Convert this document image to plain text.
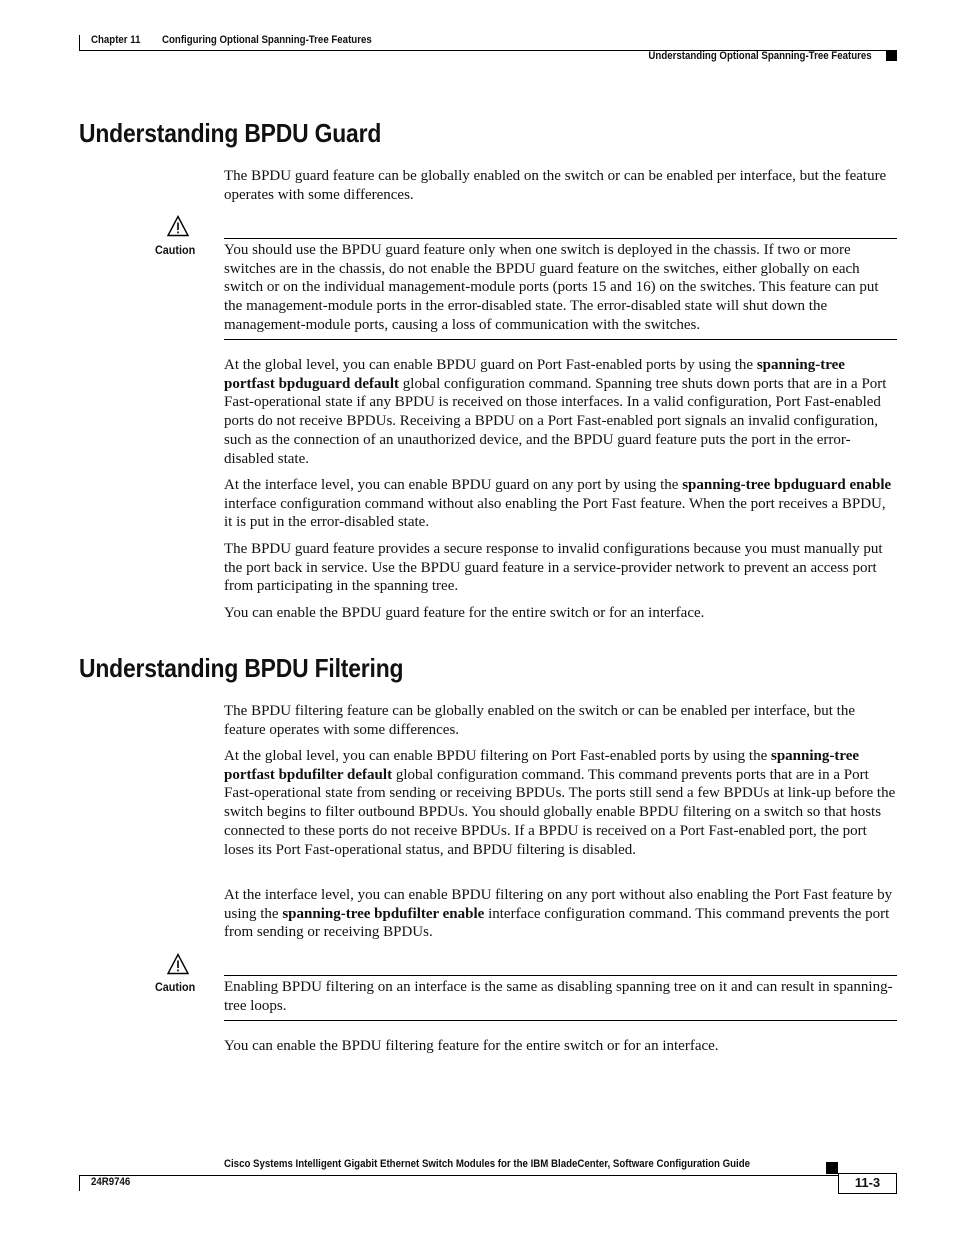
Chapter 11 Configuring Optional Spanning-Tree Features
Understanding Optional Spanning-Tree Features
Understanding BPDU Guard

The BPDU guard feature can be globally enabled on the switch or can be enabled per interface, but the feature operates with some differences.

Caution You should use the BPDU guard feature only when one switch is deployed in the chassis. If two or more switches are in the chassis, do not enable the BPDU guard feature on the switches, either globally on each switch or on the individual management-module ports (ports 15 and 16) on the switches. This feature can put the management-module ports in the error-disabled state. The error-disabled state will shut down the management-module ports, causing a loss of communication with the switches.

At the global level, you can enable BPDU guard on Port Fast-enabled ports by using the spanning-tree portfast bpduguard default global configuration command. Spanning tree shuts down ports that are in a Port Fast-operational state if any BPDU is received on those interfaces. In a valid configuration, Port Fast-enabled ports do not receive BPDUs. Receiving a BPDU on a Port Fast-enabled port signals an invalid configuration, such as the connection of an unauthorized device, and the BPDU guard feature puts the port in the error-disabled state.

At the interface level, you can enable BPDU guard on any port by using the spanning-tree bpduguard enable interface configuration command without also enabling the Port Fast feature. When the port receives a BPDU, it is put in the error-disabled state.

The BPDU guard feature provides a secure response to invalid configurations because you must manually put the port back in service. Use the BPDU guard feature in a service-provider network to prevent an access port from participating in the spanning tree.

You can enable the BPDU guard feature for the entire switch or for an interface.

Understanding BPDU Filtering

The BPDU filtering feature can be globally enabled on the switch or can be enabled per interface, but the feature operates with some differences.

At the global level, you can enable BPDU filtering on Port Fast-enabled ports by using the spanning-tree portfast bpdufilter default global configuration command. This command prevents ports that are in a Port Fast-operational state from sending or receiving BPDUs. The ports still send a few BPDUs at link-up before the switch begins to filter outbound BPDUs. You should globally enable BPDU filtering on a switch so that hosts connected to these ports do not receive BPDUs. If a BPDU is received on a Port Fast-enabled port, the port loses its Port Fast-operational status, and BPDU filtering is disabled.

At the interface level, you can enable BPDU filtering on any port without also enabling the Port Fast feature by using the spanning-tree bpdufilter enable interface configuration command. This command prevents the port from sending or receiving BPDUs.

Caution Enabling BPDU filtering on an interface is the same as disabling spanning tree on it and can result in spanning-tree loops.

You can enable the BPDU filtering feature for the entire switch or for an interface.

Cisco Systems Intelligent Gigabit Ethernet Switch Modules for the IBM BladeCenter, Software Configuration Guide
24R9746	11-3
